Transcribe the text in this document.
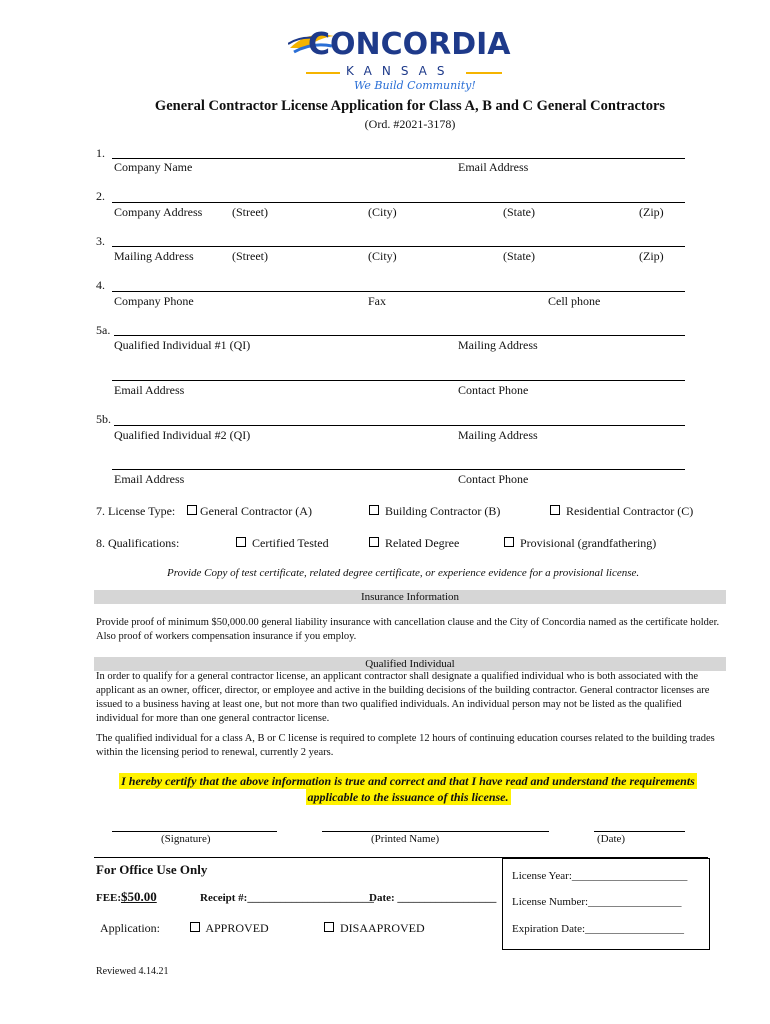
CONCORDIA
KANSAS
We Build Community!
General Contractor License Application for Class A, B and C General Contractors
(Ord. #2021-3178)
1.
Company Name	Email Address
2.
Company Address (Street)	(City)	(State)	(Zip)
3.
Mailing Address	(Street)	(City)	(State)	(Zip)
4.
Company Phone	Fax	Cell phone
5a.
Qualified Individual #1 (QI)	Mailing Address
Email Address	Contact Phone
5b.
Qualified Individual #2 (QI)	Mailing Address
Email Address	Contact Phone
7. License Type:	General Contractor (A)	Building Contractor (B)	Residential Contractor (C)
8. Qualifications:	Certified Tested	Related Degree	Provisional (grandfathering)
Provide Copy of test certificate, related degree certificate, or experience evidence for a provisional license.
Insurance Information
Provide proof of minimum $50,000.00 general liability insurance with cancellation clause and the City of Concordia named as the certificate holder. Also proof of workers compensation insurance if you employ.
Qualified Individual
In order to qualify for a general contractor license, an applicant contractor shall designate a qualified individual who is both associated with the applicant as an owner, officer, director, or employee and active in the building decisions of the building contractor. General contractor licenses are issued to a business having at least one, but not more than two qualified individuals. An individual person may not be listed as the qualified individual for more than one general contractor license.
The qualified individual for a class A, B or C license is required to complete 12 hours of continuing education courses related to the building trades within the licensing period to renewal, currently 2 years.
I hereby certify that the above information is true and correct and that I have read and understand the requirements
applicable to the issuance of this license.
(Signature)	(Printed Name)	(Date)
For Office Use Only
FEE: $50.00	Receipt #:_______________________
Date: __________________
Application:	APPROVED	DISAAPROVED
License Year:_____________________
License Number:_________________
Expiration Date:__________________
Reviewed 4.14.21
